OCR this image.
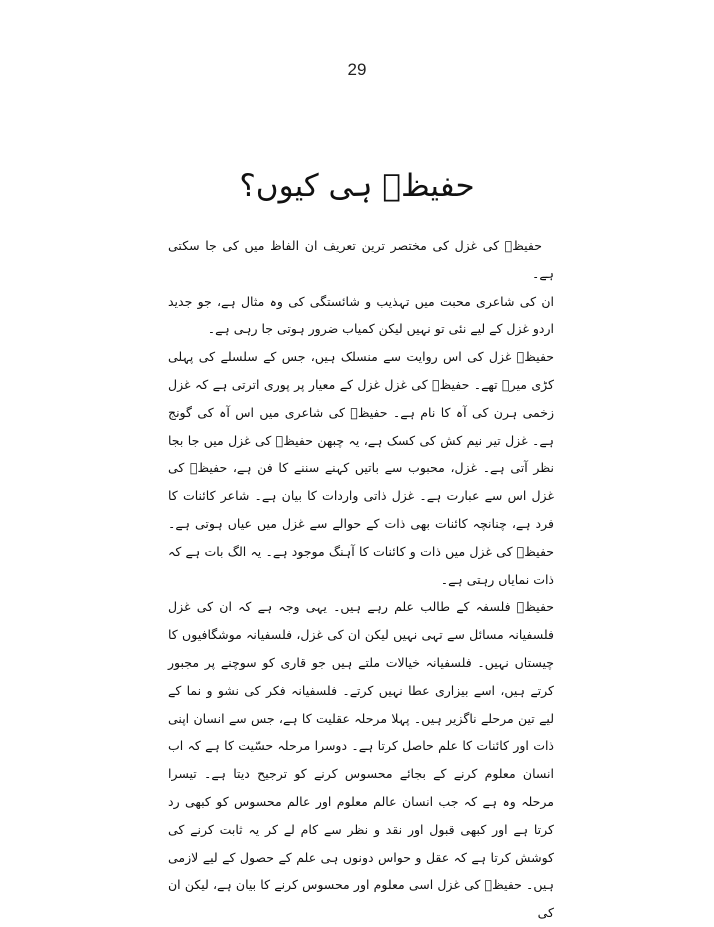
29
حفیظؔ ہی کیوں؟

حفیظؔ کی غزل کی مختصر ترین تعریف ان الفاظ میں کی جا سکتی ہے۔

ان کی شاعری محبت میں تہذیب و شائستگی کی وہ مثال ہے، جو جدید اردو غزل کے لیے نئی تو نہیں لیکن کمیاب ضرور ہوتی جا رہی ہے۔

حفیظؔ غزل کی اس روایت سے منسلک ہیں، جس کے سلسلے کی پہلی کڑی میرؔ تھے۔ حفیظؔ کی غزل غزل کے معیار پر پوری اترتی ہے کہ غزل زخمی ہرن کی آہ کا نام ہے۔ حفیظؔ کی شاعری میں اس آہ کی گونج ہے۔ غزل تیر نیم کش کی کسک ہے، یہ چبھن حفیظؔ کی غزل میں جا بجا نظر آتی ہے۔ غزل، محبوب سے باتیں کہنے سننے کا فن ہے، حفیظؔ کی غزل اس سے عبارت ہے۔ غزل ذاتی واردات کا بیان ہے۔ شاعر کائنات کا فرد ہے، چنانچہ کائنات بھی ذات کے حوالے سے غزل میں عیاں ہوتی ہے۔ حفیظؔ کی غزل میں ذات و کائنات کا آہنگ موجود ہے۔ یہ الگ بات ہے کہ ذات نمایاں رہتی ہے۔

حفیظؔ فلسفہ کے طالب علم رہے ہیں۔ یہی وجہ ہے کہ ان کی غزل فلسفیانہ مسائل سے تہی نہیں لیکن ان کی غزل، فلسفیانہ موشگافیوں کا چیستاں نہیں۔ فلسفیانہ خیالات ملتے ہیں جو قاری کو سوچنے پر مجبور کرتے ہیں، اسے بیزاری عطا نہیں کرتے۔ فلسفیانہ فکر کی نشو و نما کے لیے تین مرحلے ناگزیر ہیں۔ پہلا مرحلہ عقلیت کا ہے، جس سے انسان اپنی ذات اور کائنات کا علم حاصل کرتا ہے۔ دوسرا مرحلہ حسّیت کا ہے کہ اب انسان معلوم کرنے کے بجائے محسوس کرنے کو ترجیح دیتا ہے۔ تیسرا مرحلہ وہ ہے کہ جب انسان عالم معلوم اور عالم محسوس کو کبھی رد کرتا ہے اور کبھی قبول اور نقد و نظر سے کام لے کر یہ ثابت کرنے کی کوشش کرتا ہے کہ عقل و حواس دونوں ہی علم کے حصول کے لیے لازمی ہیں۔ حفیظؔ کی غزل اسی معلوم اور محسوس کرنے کا بیان ہے، لیکن ان کی
